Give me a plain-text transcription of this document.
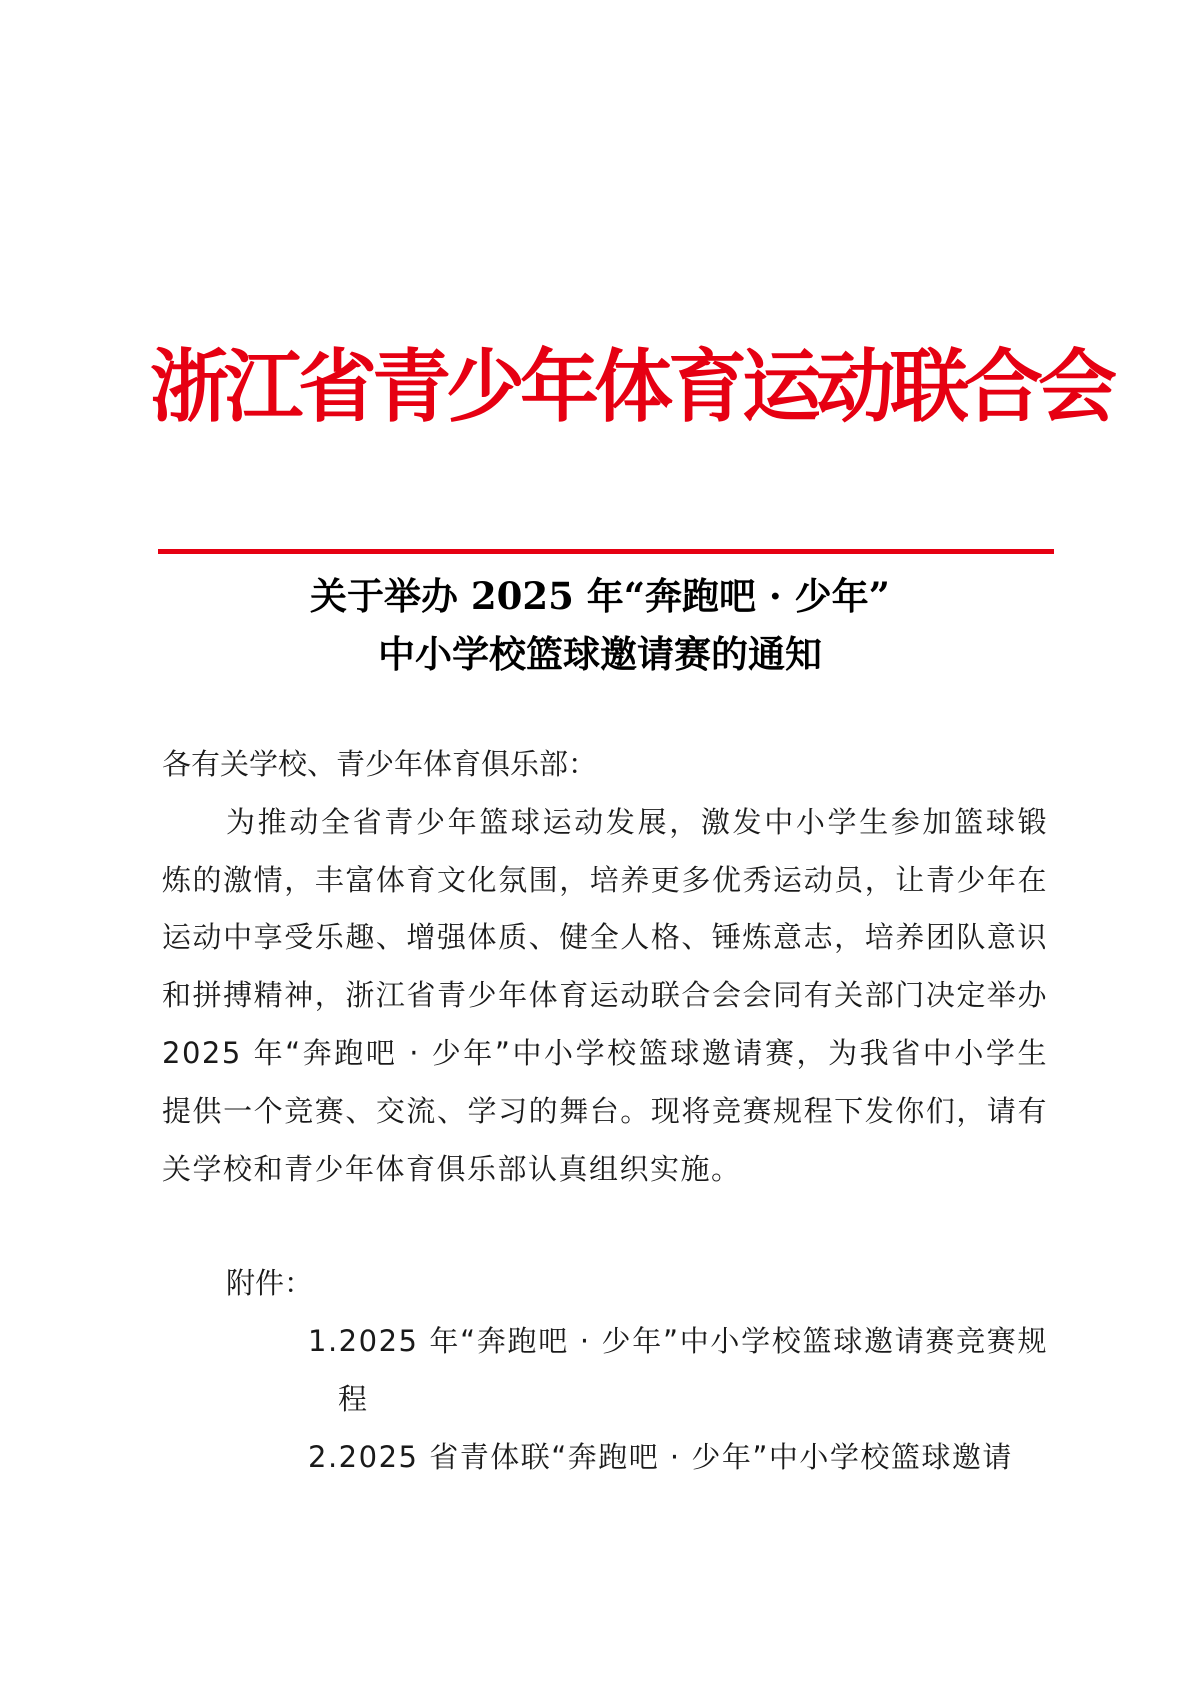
浙江省青少年体育运动联合会
关于举办 2025 年“奔跑吧 · 少年”
中小学校篮球邀请赛的通知

各有关学校、青少年体育俱乐部：

为推动全省青少年篮球运动发展，激发中小学生参加篮球锻炼的激情，丰富体育文化氛围，培养更多优秀运动员，让青少年在运动中享受乐趣、增强体质、健全人格、锤炼意志，培养团队意识和拼搏精神，浙江省青少年体育运动联合会会同有关部门决定举办 2025 年“奔跑吧 · 少年”中小学校篮球邀请赛，为我省中小学生提供一个竞赛、交流、学习的舞台。现将竞赛规程下发你们，请有关学校和青少年体育俱乐部认真组织实施。

附件：

1.2025 年“奔跑吧 · 少年”中小学校篮球邀请赛竞赛规程

2.2025 省青体联“奔跑吧 · 少年”中小学校篮球邀请
